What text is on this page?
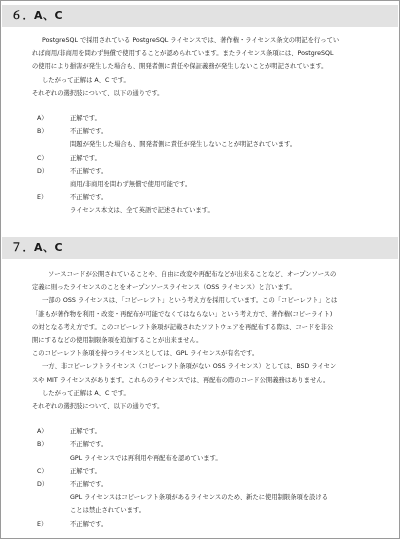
６．A、C
PostgreSQL で採用されている PostgreSQL ライセンスでは、著作権・ライセンス条文の明記を行ってい
れば商用/非商用を問わず無償で使用することが認められています。またライセンス条項には、PostgreSQL
の使用により損害が発生した場合も、開発者側に責任や保証義務が発生しないことが明記されています。
したがって正解は A、C です。
それぞれの選択肢について、以下の通りです。
A）	正解です。
B）	不正解です。
問題が発生した場合も、開発者側に責任が発生しないことが明記されています。
C）	正解です。
D）	不正解です。
商用/非商用を問わず無償で使用可能です。
E）	不正解です。
ライセンス本文は、全て英語で記述されています。
７．A、C
ソースコードが公開されていることや、自由に改変や再配布などが出来ることなど、オープンソースの
定義に則ったライセンスのことをオープンソースライセンス（OSS ライセンス）と言います。
一部の OSS ライセンスは、「コピーレフト」という考え方を採用しています。この「コピーレフト」とは
「誰もが著作物を利用・改変・再配布が可能でなくてはならない」という考え方で、著作権(コピーライト)
の対となる考え方です。このコピーレフト条項が記載されたソフトウェアを再配布する際は、コードを非公
開にするなどの使用制限条項を追加することが出来ません。
このコピーレフト条項を持つライセンスとしては、GPL ライセンスが有名です。
一方、非コピーレフトライセンス（コピーレフト条項がない OSS ライセンス）としては、BSD ライセン
スや MIT ライセンスがあります。これらのライセンスでは、再配布の際のコード公開義務はありません。
したがって正解は A、C です。
それぞれの選択肢について、以下の通りです。
A）	正解です。
B）	不正解です。
GPL ライセンスでは再利用や再配布を認めています。
C）	正解です。
D）	不正解です。
GPL ライセンスはコピーレフト条項があるライセンスのため、新たに使用制限条項を設ける
ことは禁止されています。
E）	不正解です。
